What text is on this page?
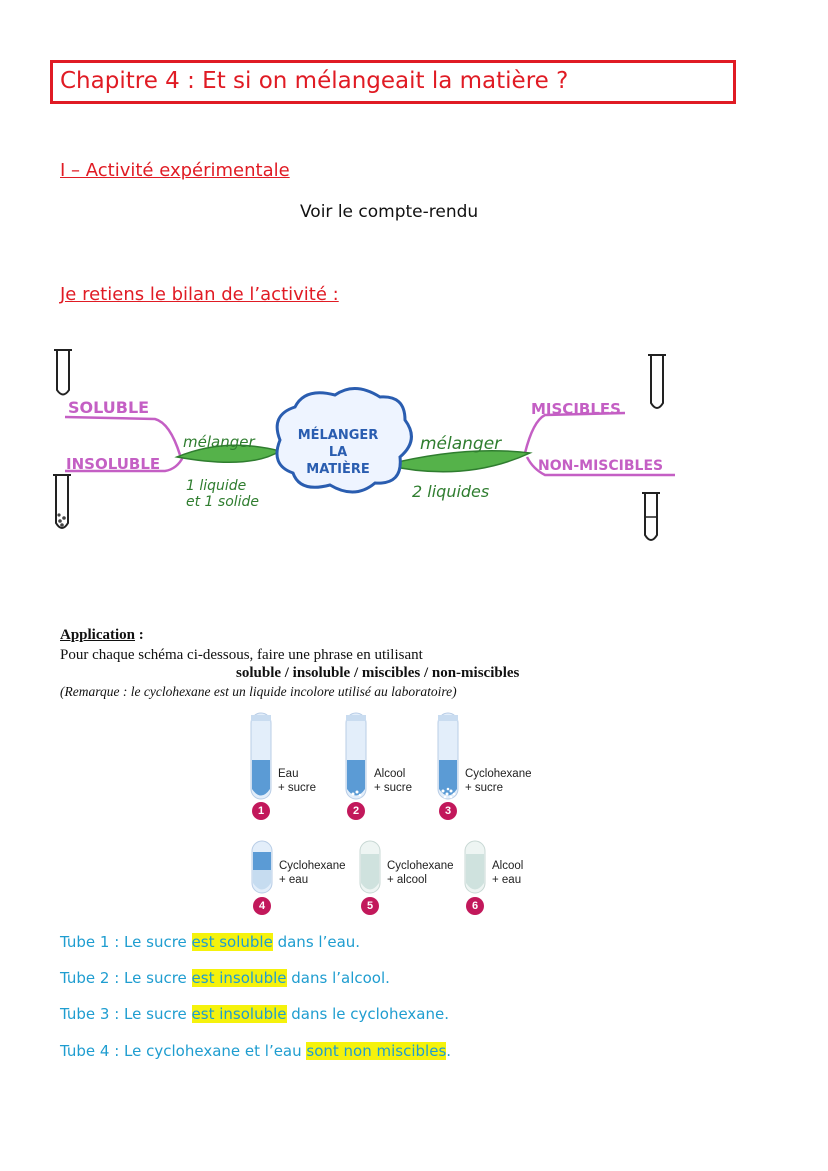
Chapitre 4 : Et si on mélangeait la matière ?
I – Activité expérimentale
Voir le compte-rendu
Je retiens le bilan de l’activité :
SOLUBLE
INSOLUBLE
MISCIBLES
NON-MISCIBLES
mélanger
1 liquide
et 1 solide
mélanger
2 liquides
MÉLANGER
LA
MATIÈRE
Application :
Pour chaque schéma ci-dessous, faire une phrase en utilisant
soluble / insoluble / miscibles / non-miscibles
(Remarque : le cyclohexane est un liquide incolore utilisé au laboratoire)
Eau
+ sucre
Alcool
+ sucre
Cyclohexane
+ sucre
1	2	3
Cyclohexane
+ eau
Cyclohexane
+ alcool
Alcool
+ eau
4	5	6
Tube 1 : Le sucre est soluble dans l’eau.
Tube 2 : Le sucre est insoluble dans l’alcool.
Tube 3 : Le sucre est insoluble dans le cyclohexane.
Tube 4 : Le cyclohexane et l’eau sont non miscibles.
